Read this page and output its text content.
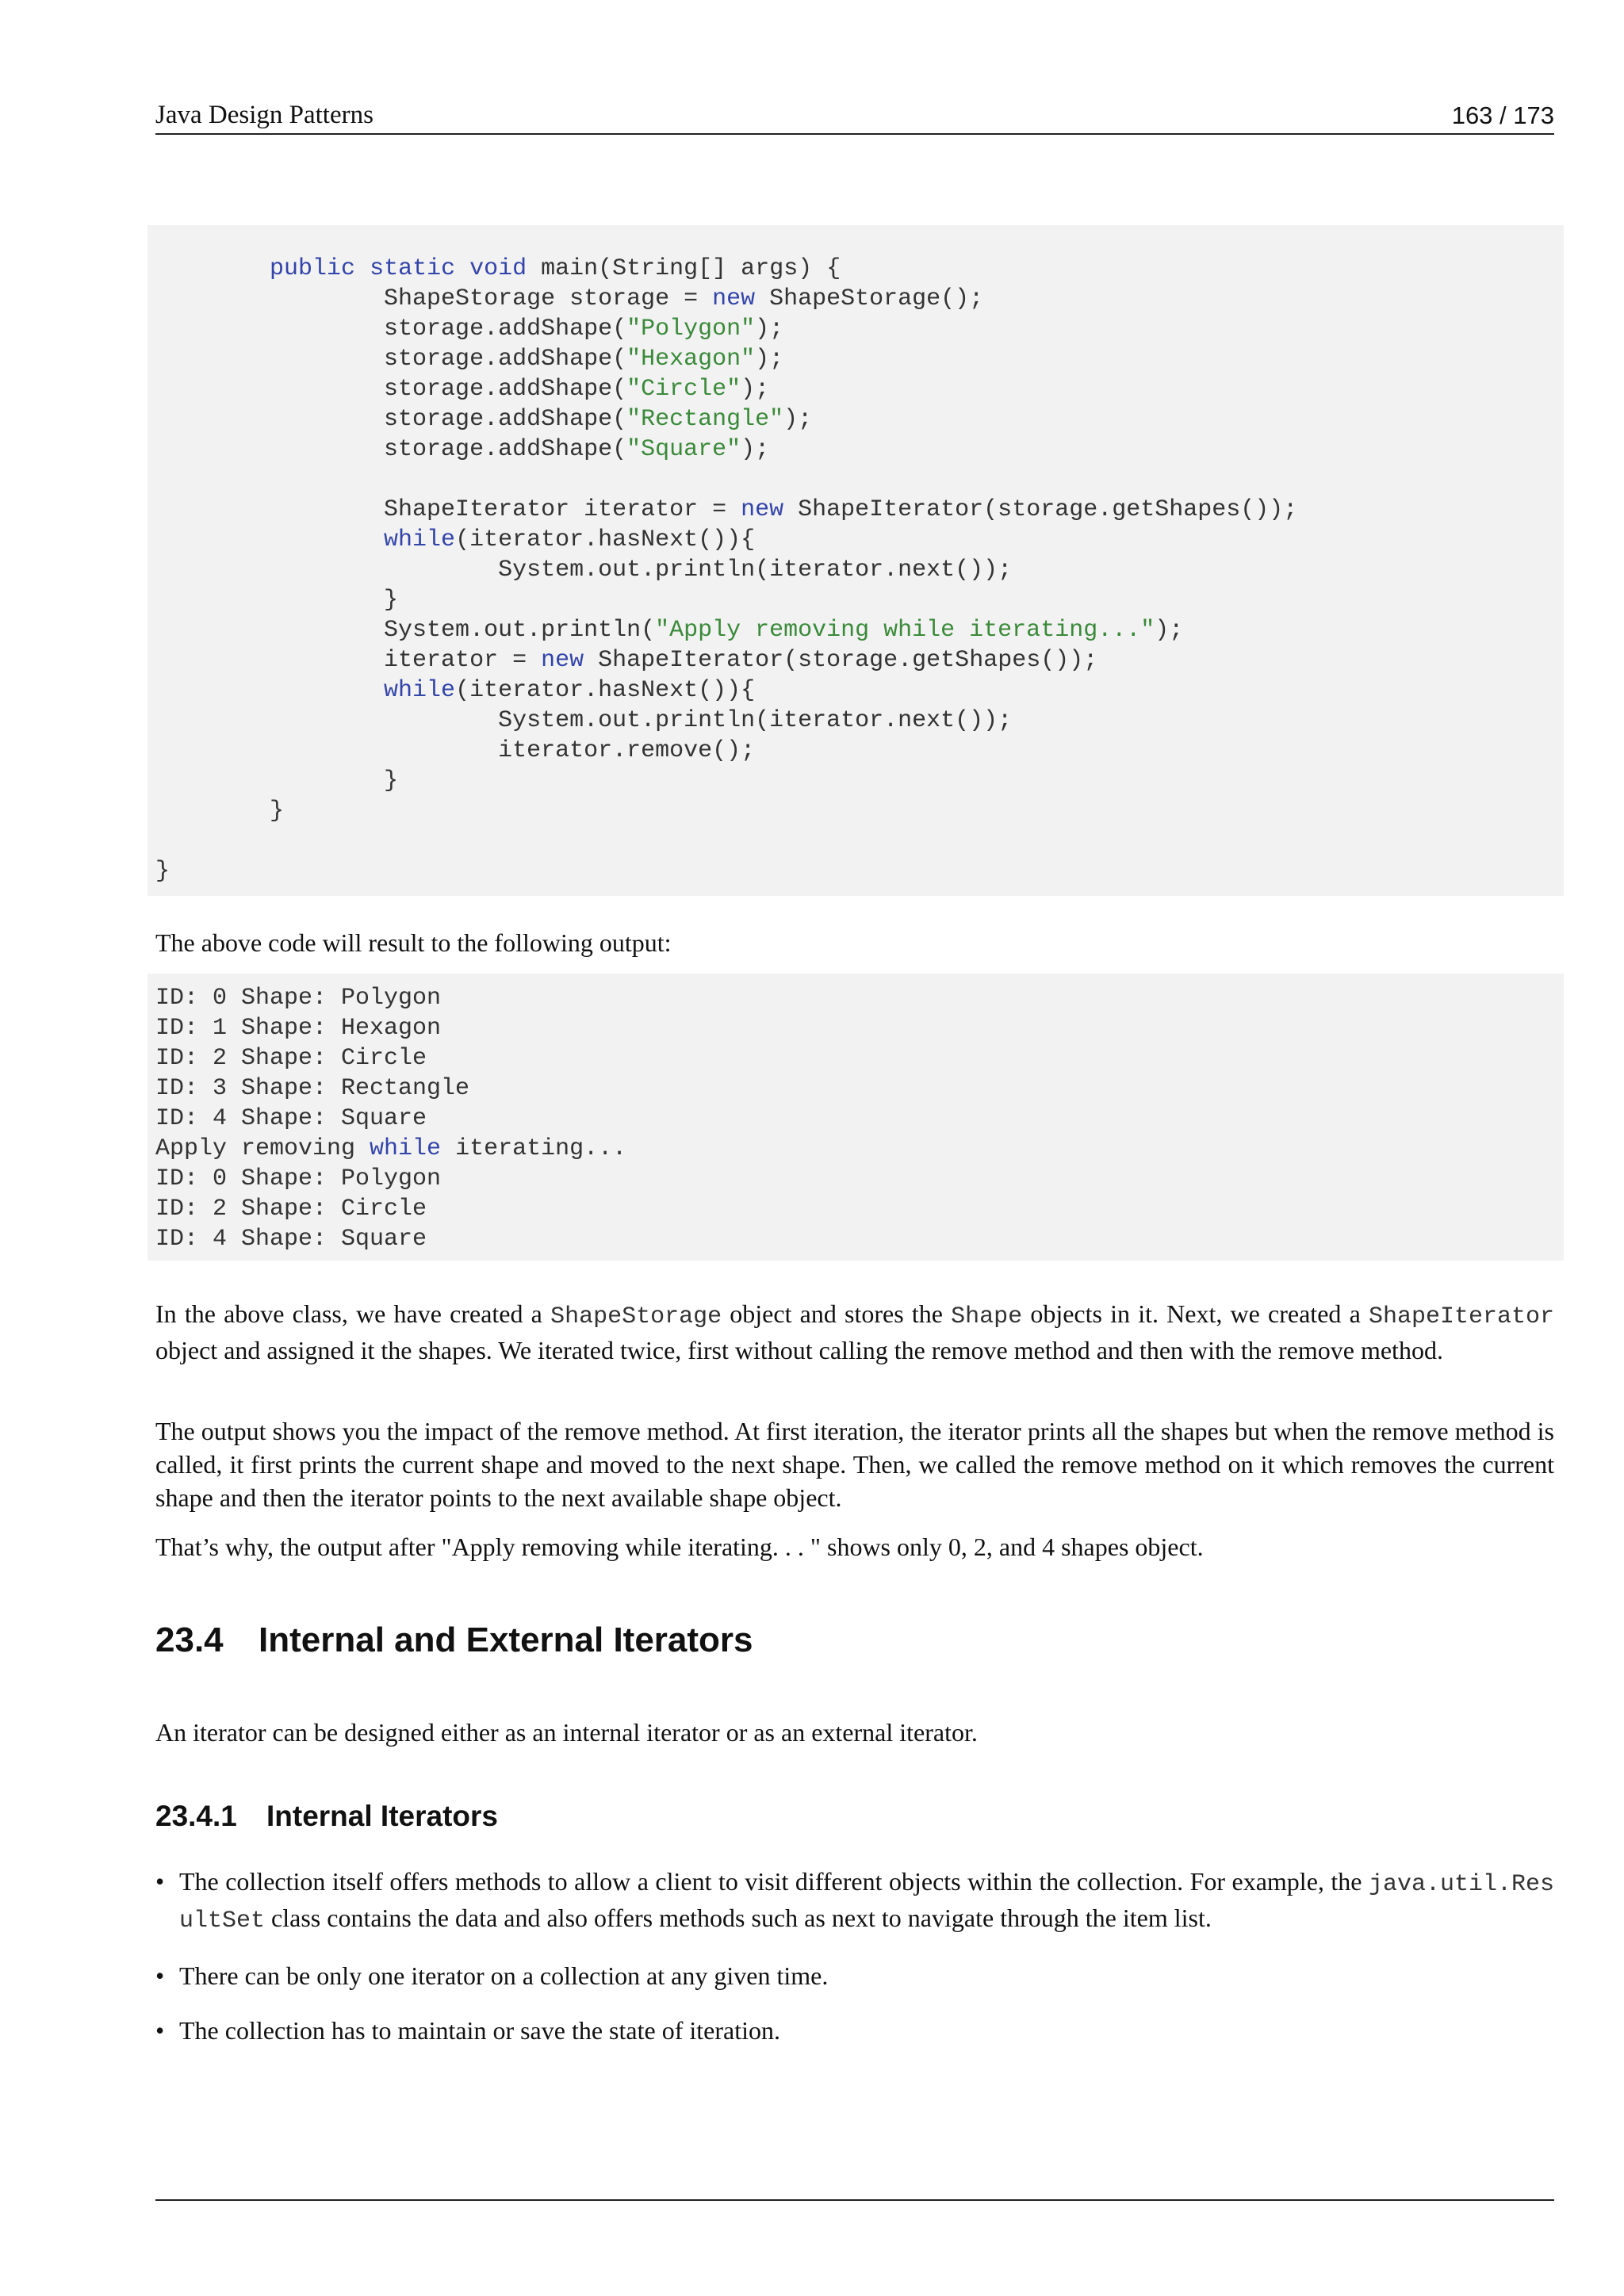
Java Design Patterns	163 / 173
public static void main(String[] args) {
ShapeStorage storage = new ShapeStorage();
storage.addShape("Polygon");
storage.addShape("Hexagon");
storage.addShape("Circle");
storage.addShape("Rectangle");
storage.addShape("Square");

ShapeIterator iterator = new ShapeIterator(storage.getShapes());
while(iterator.hasNext()){
System.out.println(iterator.next());
}
System.out.println("Apply removing while iterating...");
iterator = new ShapeIterator(storage.getShapes());
while(iterator.hasNext()){
System.out.println(iterator.next());
iterator.remove();
}
}

}

The above code will result to the following output:

ID: 0 Shape: Polygon
ID: 1 Shape: Hexagon
ID: 2 Shape: Circle
ID: 3 Shape: Rectangle
ID: 4 Shape: Square
Apply removing while iterating...
ID: 0 Shape: Polygon
ID: 2 Shape: Circle
ID: 4 Shape: Square

In the above class, we have created a ShapeStorage object and stores the Shape objects in it. Next, we created a ShapeIterator object and assigned it the shapes. We iterated twice, first without calling the remove method and then with the remove method.

The output shows you the impact of the remove method. At first iteration, the iterator prints all the shapes but when the remove method is called, it first prints the current shape and moved to the next shape. Then, we called the remove method on it which removes the current shape and then the iterator points to the next available shape object.

That’s why, the output after "Apply removing while iterating. . . " shows only 0, 2, and 4 shapes object.

23.4 Internal and External Iterators

An iterator can be designed either as an internal iterator or as an external iterator.

23.4.1 Internal Iterators
• The collection itself offers methods to allow a client to visit different objects within the collection. For example, the java.util.ResultSet class contains the data and also offers methods such as next to navigate through the item list.
• There can be only one iterator on a collection at any given time.
• The collection has to maintain or save the state of iteration.
